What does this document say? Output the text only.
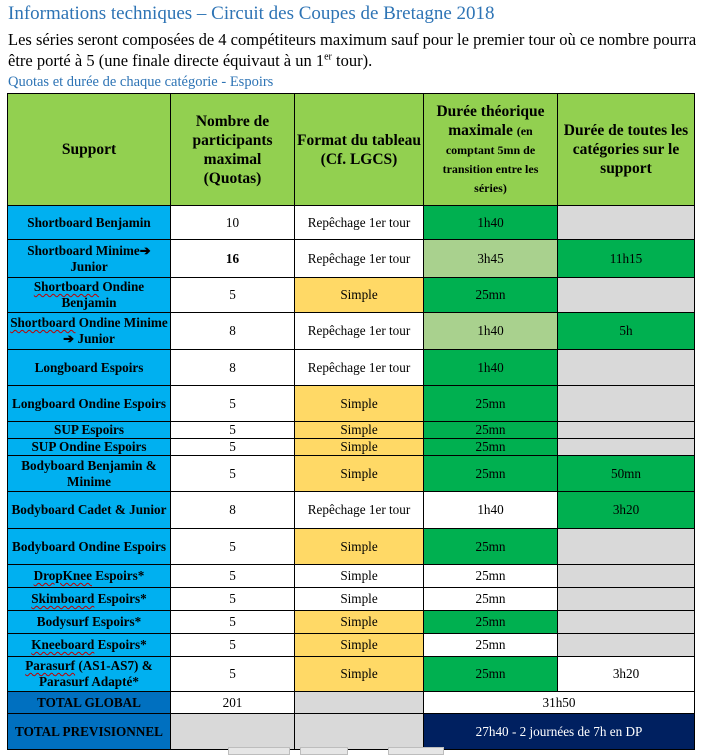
Informations techniques – Circuit des Coupes de Bretagne 2018
Les séries seront composées de 4 compétiteurs maximum sauf pour le premier tour où ce nombre pourra être porté à 5 (une finale directe équivaut à un 1er tour).
Quotas et durée de chaque catégorie - Espoirs
Support	Nombre de participants maximal (Quotas)	Format du tableau (Cf. LGCS)	Durée théorique maximale (en comptant 5mn de transition entre les séries)	Durée de toutes les catégories sur le support
Shortboard Benjamin	10	Repêchage 1er tour	1h40	
Shortboard Minime➔ Junior	16	Repêchage 1er tour	3h45	11h15
Shortboard Ondine Benjamin	5	Simple	25mn	
Shortboard Ondine Minime ➔ Junior	8	Repêchage 1er tour	1h40	5h
Longboard Espoirs	8	Repêchage 1er tour	1h40	
Longboard Ondine Espoirs	5	Simple	25mn	
SUP Espoirs	5	Simple	25mn	
SUP Ondine Espoirs	5	Simple	25mn	
Bodyboard Benjamin & Minime	5	Simple	25mn	50mn
Bodyboard Cadet & Junior	8	Repêchage 1er tour	1h40	3h20
Bodyboard Ondine Espoirs	5	Simple	25mn	
DropKnee Espoirs*	5	Simple	25mn	
Skimboard Espoirs*	5	Simple	25mn	
Bodysurf Espoirs*	5	Simple	25mn	
Kneeboard Espoirs*	5	Simple	25mn	
Parasurf (AS1-AS7) & Parasurf Adapté*	5	Simple	25mn	3h20
TOTAL GLOBAL	201		31h50	
TOTAL PREVISIONNEL			27h40 - 2 journées de 7h en DP	
